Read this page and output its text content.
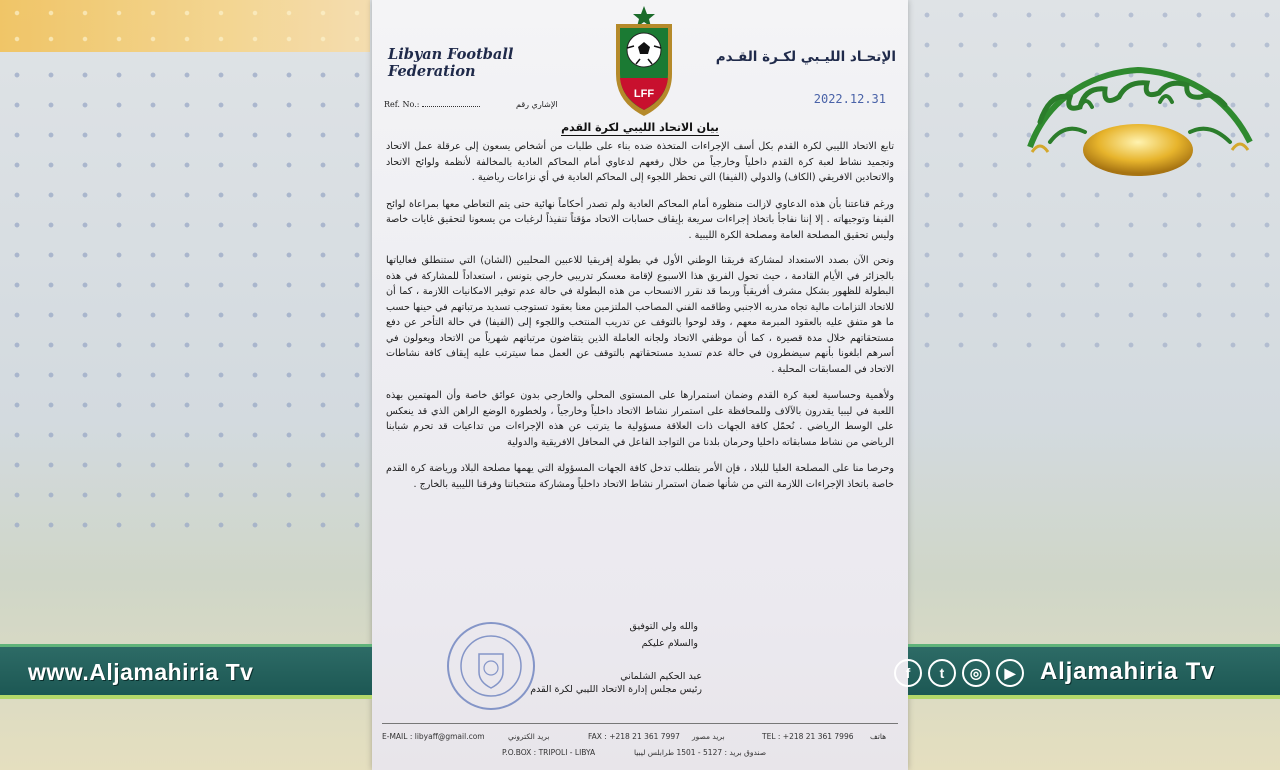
Libyan Football Federation
الإتحـاد الليـبي لكـرة القـدم
LFF
Ref. No.:	الإشاري رقم	2022.12.31
بيان الاتحاد الليبي لكرة القدم

تابع الاتحاد الليبي لكرة القدم بكل أسف الإجراءات المتخذة ضده بناء على طلبات من أشخاص يسعون إلى عرقلة عمل الاتحاد وتجميد نشاط لعبة كرة القدم داخلياً وخارجياً من خلال رفعهم لدعاوي أمام المحاكم العادية بالمخالفة لأنظمة ولوائح الاتحاد والاتحادين الافريقي (الكاف) والدولي (الفيفا) التي تحظر اللجوء إلى المحاكم العادية في أي نزاعات رياضية .

ورغم قناعتنا بأن هذه الدعاوي لازالت منظورة أمام المحاكم العادية ولم تصدر أحكاماً نهائية حتى يتم التعاطي معها بمراعاة لوائح الفيفا وتوجيهاته . إلا إننا نفاجأ باتخاذ إجراءات سريعة بإيقاف حسابات الاتحاد مؤقتاً تنفيذاً لرغبات من يسعونا لتحقيق غايات خاصة وليس تحقيق المصلحة العامة ومصلحة الكرة الليبية .

ونحن الآن بصدد الاستعداد لمشاركة فريقنا الوطني الأول في بطولة إفريقيا للاعبين المحليين (الشان) التي ستنطلق فعالياتها بالجزائر في الأيام القادمة ، حيث تحول الفريق هذا الاسبوع لإقامة معسكر تدريبي خارجي بتونس ، استعداداً للمشاركة في هذه البطولة للظهور بشكل مشرف أفريقياً وربما قد نقرر الانسحاب من هذه البطولة في حالة عدم توفير الامكانيات اللازمة ، كما أن للاتحاد التزامات مالية تجاه مدربه الاجنبي وطاقمه الفني المصاحب الملتزمين معنا بعقود تستوجب تسديد مرتباتهم في حينها حسب ما هو متفق عليه بالعقود المبرمة معهم ، وقد لوحوا بالتوقف عن تدريب المنتخب واللجوء إلى (الفيفا) في حالة التأخر عن دفع مستحقاتهم خلال مدة قصيرة ، كما أن موظفي الاتحاد ولجانه العاملة الذين يتقاضون مرتباتهم شهرياً من الاتحاد ويعولون في أسرهم ابلغونا بأنهم سيضطرون في حالة عدم تسديد مستحقاتهم بالتوقف عن العمل مما سيترتب عليه إيقاف كافة نشاطات الاتحاد في المسابقات المحلية .

ولأهمية وحساسية لعبة كرة القدم وضمان استمرارها على المستوى المحلي والخارجي بدون عوائق خاصة وأن المهتمين بهذه اللعبة في ليبيا يقدرون بالآلاف وللمحافظة على استمرار نشاط الاتحاد داخلياً وخارجياً ، ولخطورة الوضع الراهن الذي قد ينعكس على الوسط الرياضي . نُحمّل كافة الجهات ذات العلاقة مسؤولية ما يترتب عن هذه الإجراءات من تداعيات قد تحرم شبابنا الرياضي من نشاط مسابقاته داخليا وحرمان بلدنا من التواجد الفاعل في المحافل الافريقية والدولية

وحرصا منا على المصلحة العليا للبلاد ، فإن الأمر يتطلب تدخل كافة الجهات المسؤولة التي يهمها مصلحة البلاد ورياضة كرة القدم خاصة باتخاذ الإجراءات اللازمة التي من شأنها ضمان استمرار نشاط الاتحاد داخلياً ومشاركة منتخباتنا وفرقنا الليبية بالخارج .

والله ولي التوفيق
والسلام عليكم
عبد الحكيم الشلماني
رئيس مجلس إدارة الاتحاد الليبي لكرة القدم
E-MAIL : libyaff@gmail.com	بريد الكتروني	FAX : +218 21 361 7997 بريد مصور	TEL : +218 21 361 7996 هاتف
P.O.BOX : TRIPOLI - LIBYA	صندوق بريد : 5127 - 1501 طرابلس ليبيا
www.Aljamahiria Tv	f	t	◎	▶	Aljamahiria Tv
